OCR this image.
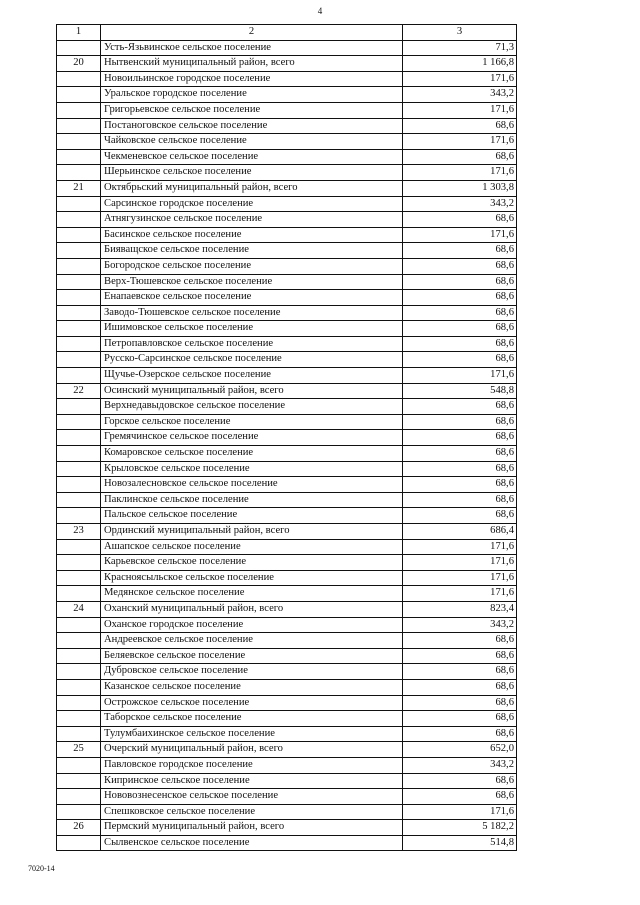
4
1	2	3
	Усть-Язьвинское сельское поселение	71,3
20	Нытвенский муниципальный район, всего	1 166,8
	Новоильинское городское поселение	171,6
	Уральское городское поселение	343,2
	Григорьевское сельское поселение	171,6
	Постаноговское сельское поселение	68,6
	Чайковское сельское поселение	171,6
	Чекменевское сельское поселение	68,6
	Шерьинское сельское поселение	171,6
21	Октябрьский муниципальный район, всего	1 303,8
	Сарсинское городское поселение	343,2
	Атнягузинское сельское поселение	68,6
	Басинское сельское поселение	171,6
	Бияващское сельское поселение	68,6
	Богородское сельское поселение	68,6
	Верх-Тюшевское сельское поселение	68,6
	Енапаевское сельское поселение	68,6
	Заводо-Тюшевское сельское поселение	68,6
	Ишимовское сельское поселение	68,6
	Петропавловское сельское поселение	68,6
	Русско-Сарсинское сельское поселение	68,6
	Щучье-Озерское сельское поселение	171,6
22	Осинский муниципальный район, всего	548,8
	Верхнедавыдовское сельское поселение	68,6
	Горское сельское поселение	68,6
	Гремячинское сельское поселение	68,6
	Комаровское сельское поселение	68,6
	Крыловское сельское поселение	68,6
	Новозалесновское сельское поселение	68,6
	Паклинское сельское поселение	68,6
	Пальское сельское поселение	68,6
23	Ординский муниципальный район, всего	686,4
	Ашапское сельское поселение	171,6
	Карьевское сельское поселение	171,6
	Красноясыльское сельское поселение	171,6
	Медянское сельское поселение	171,6
24	Оханский муниципальный район, всего	823,4
	Оханское городское поселение	343,2
	Андреевское сельское поселение	68,6
	Беляевское сельское поселение	68,6
	Дубровское сельское поселение	68,6
	Казанское сельское поселение	68,6
	Острожское сельское поселение	68,6
	Таборское сельское поселение	68,6
	Тулумбаихинское сельское поселение	68,6
25	Очерский муниципальный район, всего	652,0
	Павловское городское поселение	343,2
	Кипринское сельское поселение	68,6
	Нововознесенское сельское поселение	68,6
	Спешковское сельское поселение	171,6
26	Пермский муниципальный район, всего	5 182,2
	Сылвенское сельское поселение	514,8
7020-14
